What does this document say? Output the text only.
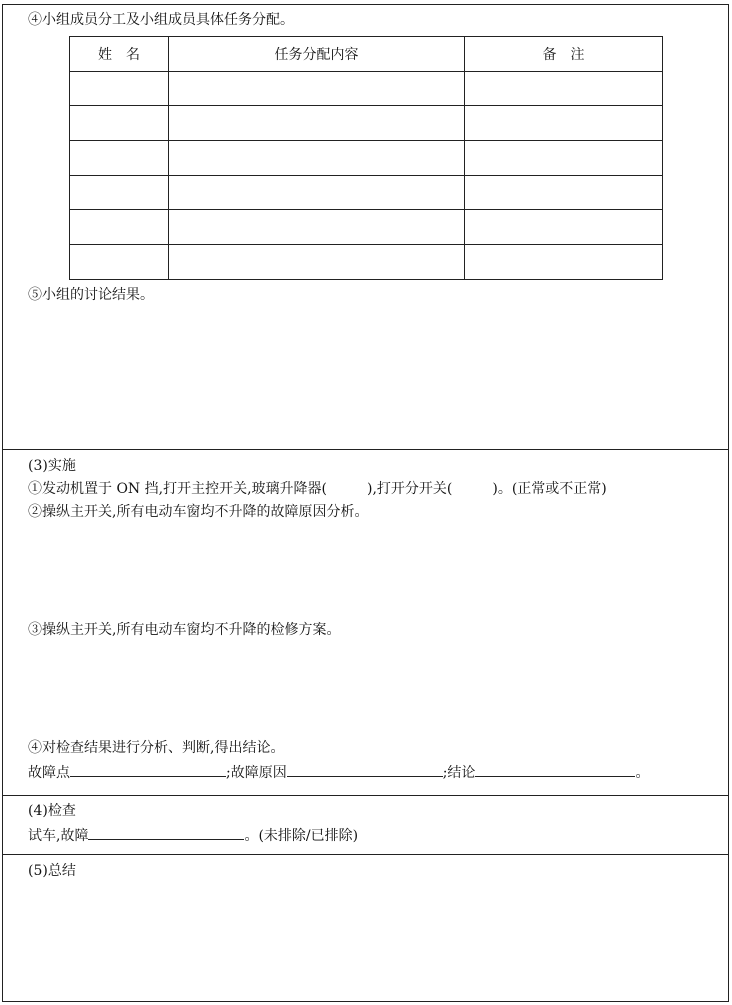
④小组成员分工及小组成员具体任务分配。
姓　名	任务分配内容	备　注

⑤小组的讨论结果。
(3)实施
①发动机置于 ON 挡,打开主控开关,玻璃升降器(	),打开分开关(	)。(正常或不正常)
②操纵主开关,所有电动车窗均不升降的故障原因分析。
③操纵主开关,所有电动车窗均不升降的检修方案。
④对检查结果进行分析、判断,得出结论。
故障点	;故障原因	;结论	。
(4)检查
试车,故障	。(未排除/已排除)
(5)总结
